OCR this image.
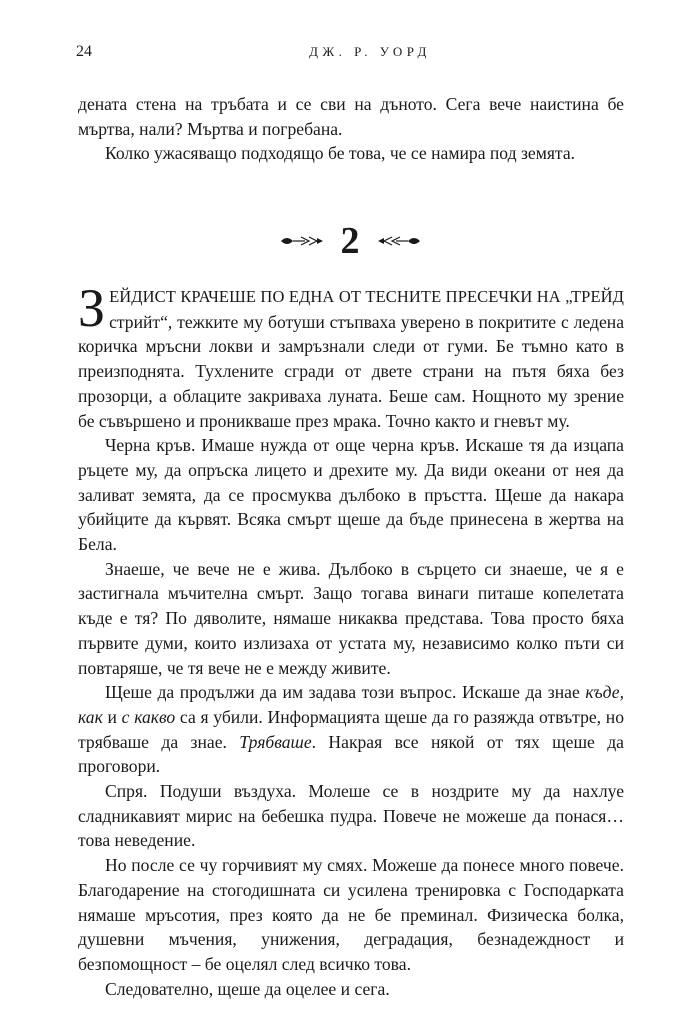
24	ДЖ. Р. УОРД

дената стена на тръбата и се сви на дъното. Сега вече наистина бе мъртва, нали? Мъртва и погребана.

Колко ужасяващо подходящо бе това, че се намира под земята.

2

ЗЕЙДИСТ КРАЧЕШЕ ПО ЕДНА ОТ ТЕСНИТЕ ПРЕСЕЧКИ НА „ТРЕЙД стрийт“, тежките му ботуши стъпваха уверено в покритите с ледена коричка мръсни локви и замръзнали следи от гуми. Бе тъмно като в преизподнята. Тухлените сгради от двете страни на пътя бяха без прозорци, а облаците закриваха луната. Беше сам. Нощното му зрение бе съвършено и проникваше през мрака. Точно както и гневът му.

Черна кръв. Имаше нужда от още черна кръв. Искаше тя да изцапа ръцете му, да опръска лицето и дрехите му. Да види океани от нея да заливат земята, да се просмуква дълбоко в пръстта. Щеше да накара убийците да кървят. Всяка смърт щеше да бъде принесена в жертва на Бела.

Знаеше, че вече не е жива. Дълбоко в сърцето си знаеше, че я е застигнала мъчителна смърт. Защо тогава винаги питаше копелетата къде е тя? По дяволите, нямаше никаква представа. Това просто бяха първите думи, които излизаха от устата му, независимо колко пъти си повтаряше, че тя вече не е между живите.

Щеше да продължи да им задава този въпрос. Искаше да знае къде, как и с какво са я убили. Информацията щеше да го разяжда отвътре, но трябваше да знае. Трябваше. Накрая все някой от тях щеше да проговори.

Спря. Подуши въздуха. Молеше се в ноздрите му да нахлуе сладникавият мирис на бебешка пудра. Повече не можеше да понася… това неведение.

Но после се чу горчивият му смях. Можеше да понесе много повече. Благодарение на стогодишната си усилена тренировка с Господарката нямаше мръсотия, през която да не бе преминал. Физическа болка, душевни мъчения, унижения, деградация, безнадеждност и безпомощност – бе оцелял след всичко това.

Следователно, щеше да оцелее и сега.
